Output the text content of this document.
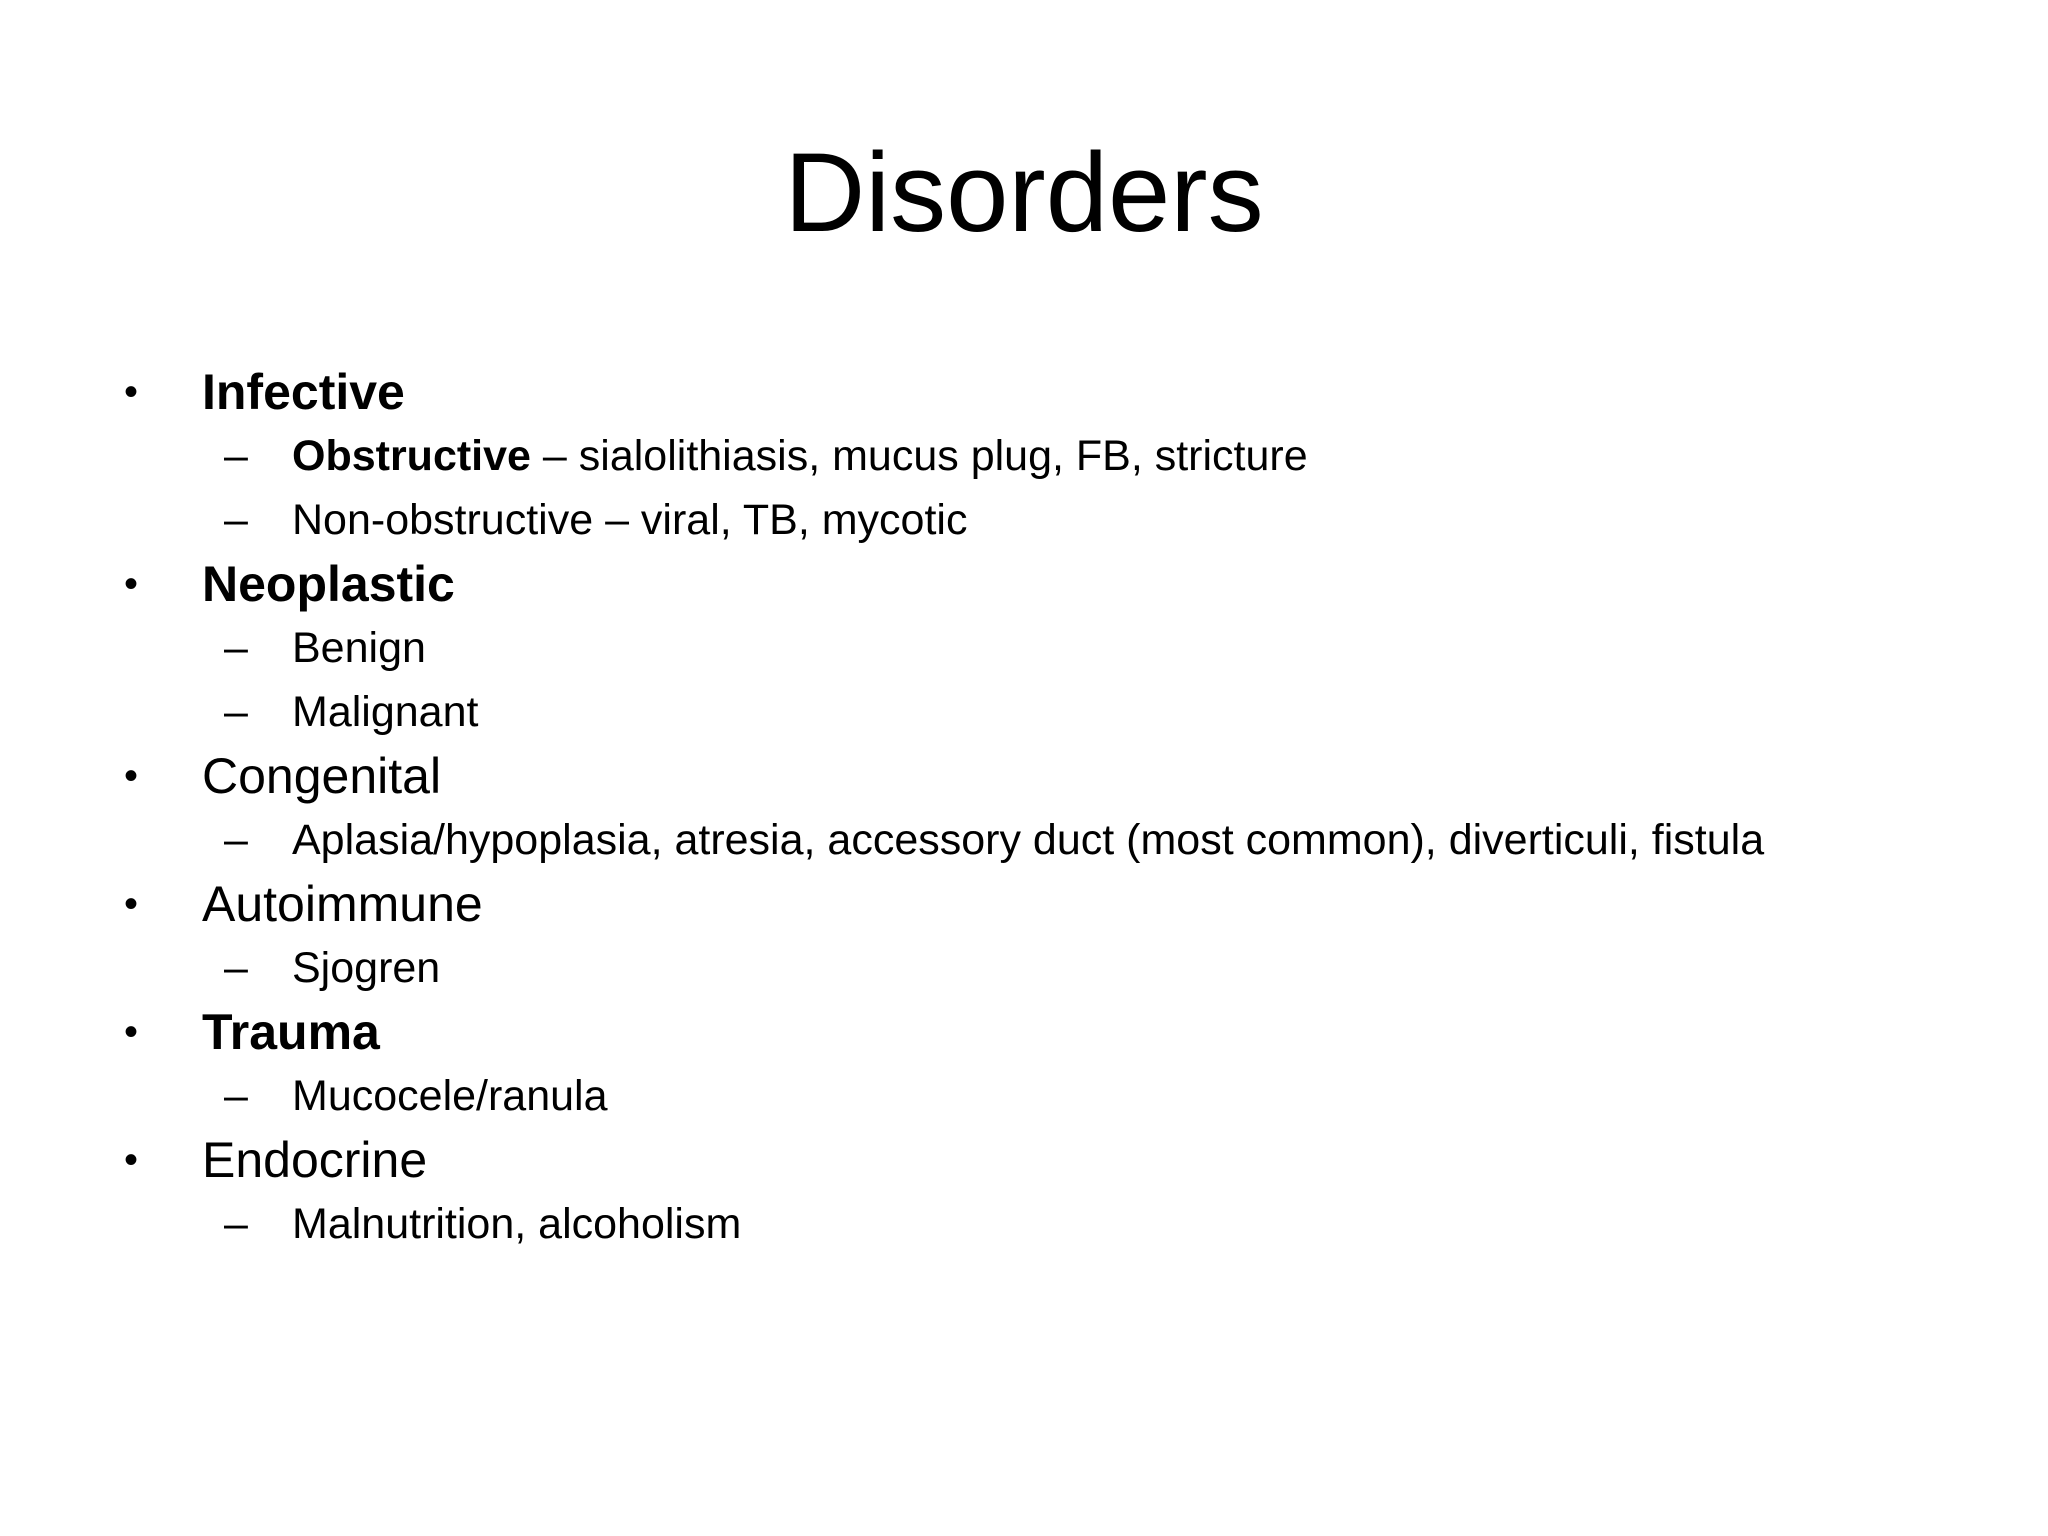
Disorders
• Infective
– Obstructive – sialolithiasis, mucus plug, FB, stricture
– Non-obstructive – viral, TB, mycotic
• Neoplastic
– Benign
– Malignant
• Congenital
– Aplasia/hypoplasia, atresia, accessory duct (most common), diverticuli, fistula
• Autoimmune
– Sjogren
• Trauma
– Mucocele/ranula
• Endocrine
– Malnutrition, alcoholism
